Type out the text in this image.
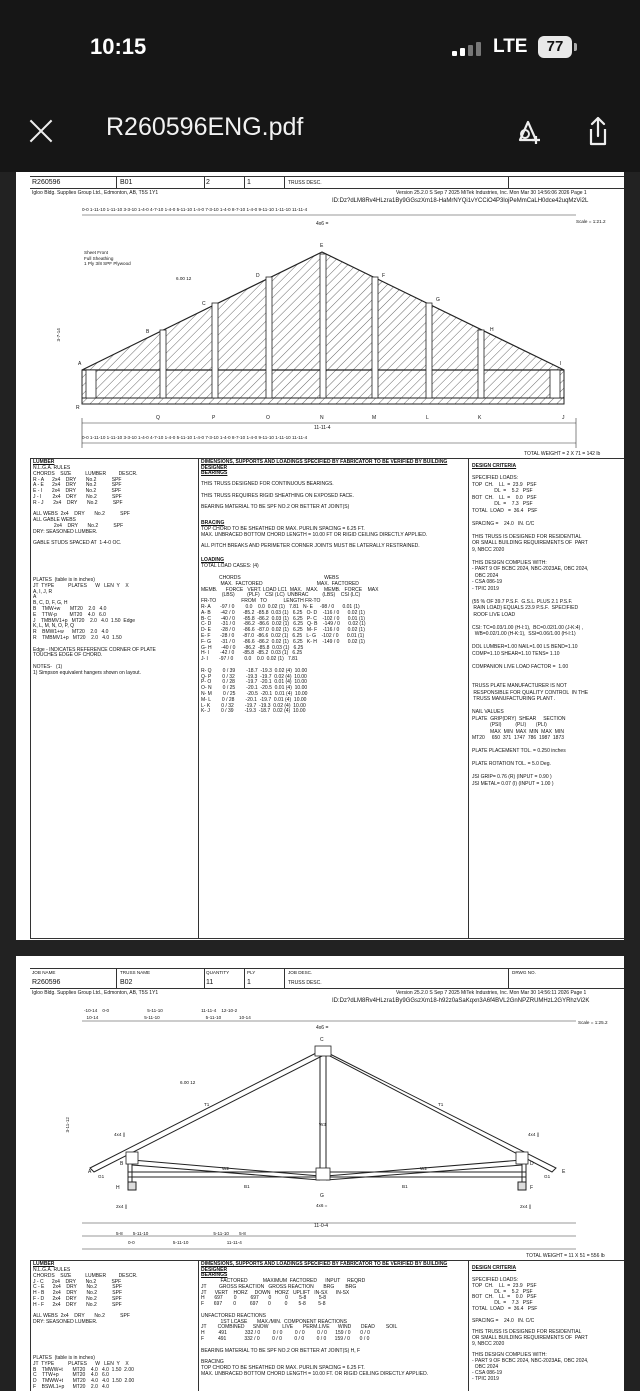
10:15	LTE	77
R260596ENG.pdf
R260596	B01	2	1	TRUSS DESC.
Igloo Bldg. Supplies Group Ltd., Edmonton, AB, T5S 1Y1	Version 25.2.0 S Sep 7 2025 MiTek Industries, Inc. Mon Mar 30 14:56:06 2026 Page 1
ID:Dz?dLM8Rv4HLzra1By9GGszXm18-HaMrNYQi1vYCCiO4P3lojPeMmCaLH0dce42uqMzVi2L
0-0 1-11-10 1-11-10 3-3-10 1-4-0 4-7-10 1-4-0 5-11-10 1-4-0 7-3-10 1-4-0 8-7-10 1-4-0 9-11-10 1-11-10 11-11-4
Scale = 1:21.2
4x6 =
Sheet Front
Full Sheathing
1 Ply 3/8 SPF Plywood
6.00 12
3-7-14
A
B
C
D
E
F
G
H
I
R
Q	P	O	N	M	L	K	J
11-11-4
0-0 1-11-10 1-11-10 3-3-10 1-4-0 4-7-10 1-4-0 5-11-10 1-4-0 7-3-10 1-4-0 8-7-10 1-4-0 9-11-10 1-11-10 11-11-4
TOTAL WEIGHT = 2 X 71 = 142 lb
LUMBER
N.L.G.A. RULES
CHORDS    SIZE          LUMBER         DESCR.
R - A      2x4    DRY       No.2           SPF
A - E      2x4    DRY       No.2           SPF
E - I       2x4    DRY       No.2           SPF
J - I        2x4    DRY       No.2           SPF
R - J       2x4    DRY       No.2           SPF
ALL WEBS  2x4    DRY       No.2           SPF
ALL GABLE WEBS
2x4    DRY       No.2           SPF
DRY: SEASONED LUMBER.
GABLE STUDS SPACED AT  1-4-0 OC.
PLATES  (table is in inches)
JT  TYPE          PLATES      W   LEN  Y    X
A, I, J, R
A
B, C, D, F, G, H
B    TMW+w       MT20    2.0   4.0
E    TTW-p         MT20    4.0   6.0
J    TMBMV1+p   MT20    2.0   4.0  1.50  Edge
K, L, M, N, O, P, Q
R    BMW1+w      MT20    2.0   4.0
R    TMBMV1+p   MT20    2.0   4.0  1.50
Edge - INDICATES REFERENCE CORNER OF PLATE
TOUCHES EDGE OF CHORD.
NOTES-   (1)
1) Simpson equivalent hangers shown on layout.
DIMENSIONS, SUPPORTS AND LOADINGS SPECIFIED BY FABRICATOR TO BE VERIFIED BY BUILDING DESIGNER
BEARINGS
THIS TRUSS DESIGNED FOR CONTINUOUS BEARINGS.
THIS TRUSS REQUIRES RIGID SHEATHING ON EXPOSED FACE.
BEARING MATERIAL TO BE SPF NO.2 OR BETTER AT JOINT(S)
BRACING
TOP CHORD TO BE SHEATHED OR MAX. PURLIN SPACING = 6.25 FT.
MAX. UNBRACED BOTTOM CHORD LENGTH = 10.00 FT OR RIGID CEILING DIRECTLY APPLIED.
ALL PITCH BREAKS AND PERIMETER CORNER JOINTS MUST BE LATERALLY RESTRAINED.
LOADING
TOTAL LOAD CASES: (4)
CHORDS                                                            WEBS
MAX.  FACTORED                                       MAX.  FACTORED
MEMB.      FORCE   VERT. LOAD LC1  MAX.   MAX.    MEMB.   FORCE    MAX
(LBS)         (PLF)    CSI (LC)  UNBRAC          (LBS)    CSI (LC)
FR-TO                  FROM   TO            LENGTH FR-TO
R- A       -97 / 0        0.0    0.0  0.02 (1)   7.81   N- E     -98 / 0      0.01 (1)
A- B       -42 / 0      -85.2  -85.8  0.03 (1)   6.25   O- D    -116 / 0      0.02 (1)
B- C       -40 / 0      -85.8  -86.2  0.03 (1)   6.25   P- C    -102 / 0      0.01 (1)
C- D       -31 / 0      -86.2  -86.6  0.02 (1)   6.25   Q- B    -149 / 0      0.02 (1)
D- E       -28 / 0      -86.6  -87.0  0.02 (1)   6.25   M- F    -116 / 0      0.02 (1)
E- F       -28 / 0      -87.0  -86.6  0.02 (1)   6.25   L- G    -102 / 0      0.01 (1)
F- G       -31 / 0      -86.6  -86.2  0.02 (1)   6.25   K- H    -149 / 0      0.02 (1)
G- H       -40 / 0      -86.2  -85.8  0.03 (1)   6.25
H- I        -42 / 0      -85.8  -85.2  0.03 (1)   6.25
J- I        -97 / 0        0.0    0.0  0.02 (1)   7.81
R- Q        0 / 39        -18.7  -19.3  0.02 (4)  10.00
Q- P        0 / 32        -19.3  -19.7  0.02 (4)  10.00
P- O        0 / 28        -19.7  -20.1  0.01 (4)  10.00
O- N        0 / 25        -20.1  -20.5  0.01 (4)  10.00
N- M        0 / 25        -20.5  -20.1  0.01 (4)  10.00
M- L        0 / 28        -20.1  -19.7  0.01 (4)  10.00
L- K        0 / 32        -19.7  -19.3  0.02 (4)  10.00
K- J        0 / 39        -19.3  -18.7  0.02 (4)  10.00
DESIGN CRITERIA
SPECIFIED LOADS:
TOP  CH.    LL  =  23.9   PSF
DL  =    5.2   PSF
BOT  CH.    LL  =    0.0   PSF
DL  =    7.3   PSF
TOTAL  LOAD   =  36.4   PSF
SPACING =    24.0   IN. C/C
THIS TRUSS IS DESIGNED FOR RESIDENTIAL
OR SMALL BUILDING REQUIREMENTS OF  PART
9, NBCC 2020
THIS DESIGN COMPLIES WITH:
- PART 9 OF BCBC 2024, NBC-2023AE, OBC 2024,
OBC 2024
- CSA 086-19
- TPIC 2019
(55 % OF 39.7 P.S.F.  G.S.L. PLUS 2.1 P.S.F.
RAIN LOAD) EQUALS 23.9 P.S.F.  SPECIFIED
ROOF LIVE LOAD
CSI: TC=0.03/1.00 (H-I:1),  BC=0.02/1.00 (J-K:4) ,
WB=0.02/1.00 (H-K:1),  SSI=0.06/1.00 (H-I:1)
DOL LUMBER=1.00 NAIL=1.00 LS BEND=1.10
COMP=1.10 SHEAR=1.10 TENS= 1.10
COMPANION LIVE LOAD FACTOR =  1.00
TRUSS PLATE MANUFACTURER IS NOT
RESPONSIBLE FOR QUALITY CONTROL  IN THE
TRUSS MANUFACTURING PLANT .
NAIL VALUES
PLATE  GRIP(DRY)  SHEAR     SECTION
(PSI)          (PLI)       (PLI)
MAX  MIN  MAX  MIN  MAX  MIN
MT20     650  371  1747  786  1987  1873
PLATE PLACEMENT TOL. = 0.250 inches
PLATE ROTATION TOL. = 5.0 Deg.
JSI GRIP= 0.76 (R) (INPUT = 0.90 )
JSI METAL= 0.07 (I) (INPUT = 1.00 )
JOB NAME	TRUSS NAME	QUANTITY	PLY	JOB DESC.	DRWG NO.
R260596	B02	11	1	TRUSS DESC.
Igloo Bldg. Supplies Group Ltd., Edmonton, AB, T5S 1Y1	Version 25.2.0 S Sep 7 2025 MiTek Industries, Inc. Mon Mar 30 14:56:11 2026 Page 1
ID:Dz?dLM8Rv4HLzra1By9GGszXm18-h92z0aSaKqxn3A6f4BVL2GnNPZRUMHzL2GYRhzVi2K
-10-14    0-0                              5-11-10                              11-11-4    12-10-2
10-14                                    5-11-10                                    5-11-10              10-14
Scale = 1:25.2
4x6 =
6.00 12
3-11-12
4x4 ||	4x4 ||
2x4 ||	2x4 ||
4x6 =
T1	T1
W2	W2
W3
B1	B1
G1	G1
A
B
C
D
E
F
G
H
11-0-4
5-8        5-11-10                                                   5-11-10        5-8
0-0                              5-11-10                              11-11-4
TOTAL WEIGHT = 11 X 51 = 556 lb
LUMBER
N.L.G.A. RULES
CHORDS    SIZE          LUMBER         DESCR.
J - C      2x4    DRY       No.2           SPF
C - E      2x4    DRY       No.2           SPF
H - B      2x4    DRY       No.2           SPF
F - D      2x4    DRY       No.2           SPF
H - F      2x4    DRY       No.2           SPF
ALL WEBS  2x4    DRY       No.2           SPF
DRY: SEASONED LUMBER.
PLATES  (table is in inches)
JT  TYPE          PLATES      W   LEN  Y    X
B    TMWW+t       MT20    4.0   4.0  1.50  2.00
C    TTW+p          MT20    4.0   6.0
D    TMWW+t       MT20    4.0   4.0  1.50  2.00
F    BSWL1+p      MT20    2.0   4.0
DIMENSIONS, SUPPORTS AND LOADINGS SPECIFIED BY FABRICATOR TO BE VERIFIED BY BUILDING DESIGNER
BEARINGS
FACTORED           MAXIMUM  FACTORED      INPUT     REQRD
JT         GROSS REACTION   GROSS REACTION       BRG        BRG
JT      VERT    HORZ     DOWN   HORZ   UPLIFT   IN-SX      IN-SX
H       697        0          697       0          0        5-8         5-8
F       697        0          697       0          0        5-8         5-8
UNFACTORED REACTIONS
1ST LCASE       MAX./MIN.  COMPONENT REACTIONS
JT        COMBINED      SNOW          LIVE       PERM.LIVE      WIND       DEAD        SOIL
H          491             332 / 0         0 / 0         0 / 0         0 / 0      159 / 0       0 / 0
F          491             332 / 0         0 / 0         0 / 0         0 / 0      159 / 0       0 / 0
BEARING MATERIAL TO BE SPF NO.2 OR BETTER AT JOINT(S) H, F
BRACING
TOP CHORD TO BE SHEATHED OR MAX. PURLIN SPACING = 6.25 FT.
MAX. UNBRACED BOTTOM CHORD LENGTH = 10.00 FT. OR RIGID CEILING DIRECTLY APPLIED.
DESIGN CRITERIA
SPECIFIED LOADS:
TOP  CH.    LL  =  23.9   PSF
DL  =    5.2   PSF
BOT  CH.    LL  =    0.0   PSF
DL  =    7.3   PSF
TOTAL  LOAD   =  36.4   PSF
SPACING =    24.0   IN. C/C
THIS TRUSS IS DESIGNED FOR RESIDENTIAL
OR SMALL BUILDING REQUIREMENTS OF  PART
9, NBCC 2020
THIS DESIGN COMPLIES WITH:
- PART 9 OF BCBC 2024, NBC-2023AE, OBC 2024,
OBC 2024
- CSA 086-19
- TPIC 2019
